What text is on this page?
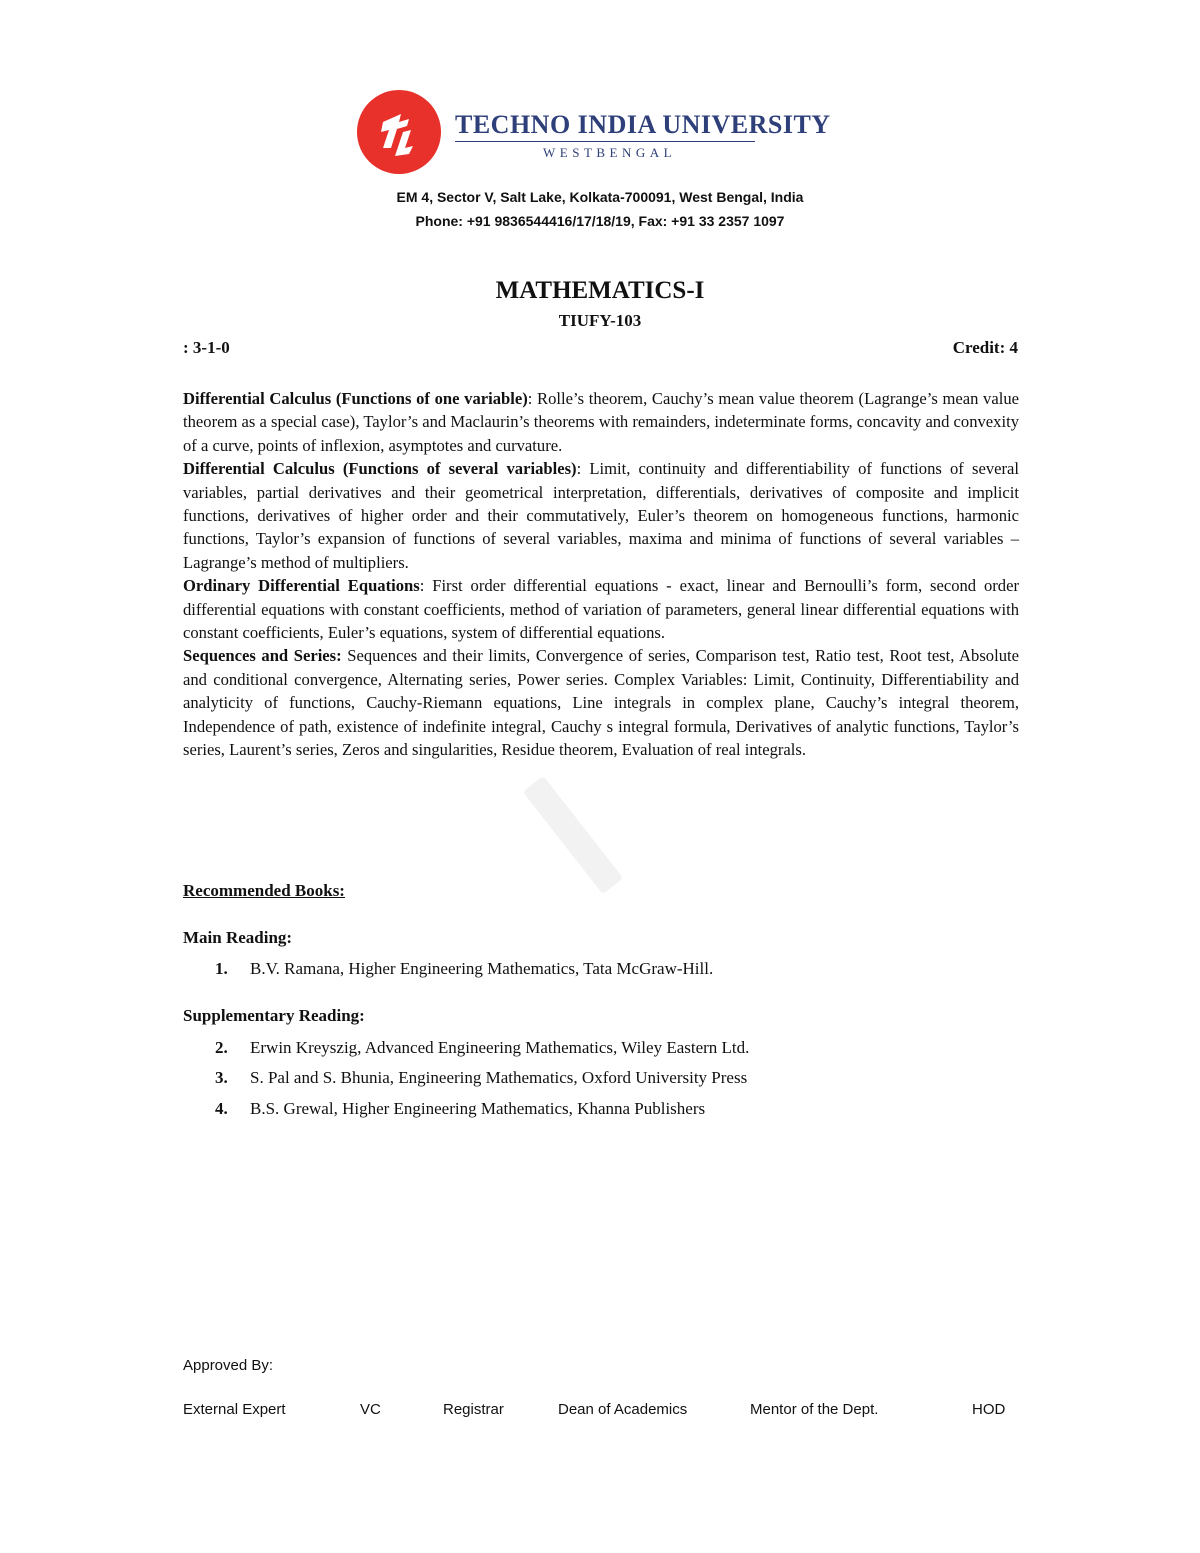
TECHNO INDIA UNIVERSITY
WESTBENGAL
EM 4, Sector V, Salt Lake, Kolkata-700091, West Bengal, India
Phone: +91 9836544416/17/18/19, Fax: +91 33 2357 1097
MATHEMATICS-I
TIUFY-103
: 3-1-0	Credit: 4

Differential Calculus (Functions of one variable): Rolle’s theorem, Cauchy’s mean value theorem (Lagrange’s mean value theorem as a special case), Taylor’s and Maclaurin’s theorems with remainders, indeterminate forms, concavity and convexity of a curve, points of inflexion, asymptotes and curvature.

Differential Calculus (Functions of several variables): Limit, continuity and differentiability of functions of several variables, partial derivatives and their geometrical interpretation, differentials, derivatives of composite and implicit functions, derivatives of higher order and their commutatively, Euler’s theorem on homogeneous functions, harmonic functions, Taylor’s expansion of functions of several variables, maxima and minima of functions of several variables – Lagrange’s method of multipliers.

Ordinary Differential Equations: First order differential equations - exact, linear and Bernoulli’s form, second order differential equations with constant coefficients, method of variation of parameters, general linear differential equations with constant coefficients, Euler’s equations, system of differential equations.

Sequences and Series: Sequences and their limits, Convergence of series, Comparison test, Ratio test, Root test, Absolute and conditional convergence, Alternating series, Power series. Complex Variables: Limit, Continuity, Differentiability and analyticity of functions, Cauchy-Riemann equations, Line integrals in complex plane, Cauchy’s integral theorem, Independence of path, existence of indefinite integral, Cauchy s integral formula, Derivatives of analytic functions, Taylor’s series, Laurent’s series, Zeros and singularities, Residue theorem, Evaluation of real integrals.

Recommended Books:
Main Reading:
1. B.V. Ramana, Higher Engineering Mathematics, Tata McGraw-Hill.
Supplementary Reading:
2. Erwin Kreyszig, Advanced Engineering Mathematics, Wiley Eastern Ltd.
3. S. Pal and S. Bhunia, Engineering Mathematics, Oxford University Press
4. B.S. Grewal, Higher Engineering Mathematics, Khanna Publishers
Approved By:
External Expert	VC	Registrar	Dean of Academics	Mentor of the Dept.	HOD
